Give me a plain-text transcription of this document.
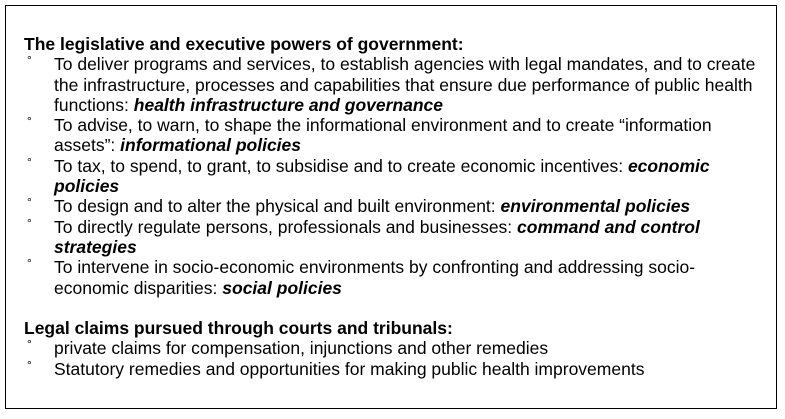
The legislative and executive powers of government:

° To deliver programs and services, to establish agencies with legal mandates, and to create the infrastructure, processes and capabilities that ensure due performance of public health functions: health infrastructure and governance
° To advise, to warn, to shape the informational environment and to create “information assets”: informational policies
° To tax, to spend, to grant, to subsidise and to create economic incentives: economic policies
° To design and to alter the physical and built environment: environmental policies
° To directly regulate persons, professionals and businesses: command and control strategies
° To intervene in socio-economic environments by confronting and addressing socio-economic disparities: social policies

Legal claims pursued through courts and tribunals:

° private claims for compensation, injunctions and other remedies
° Statutory remedies and opportunities for making public health improvements
